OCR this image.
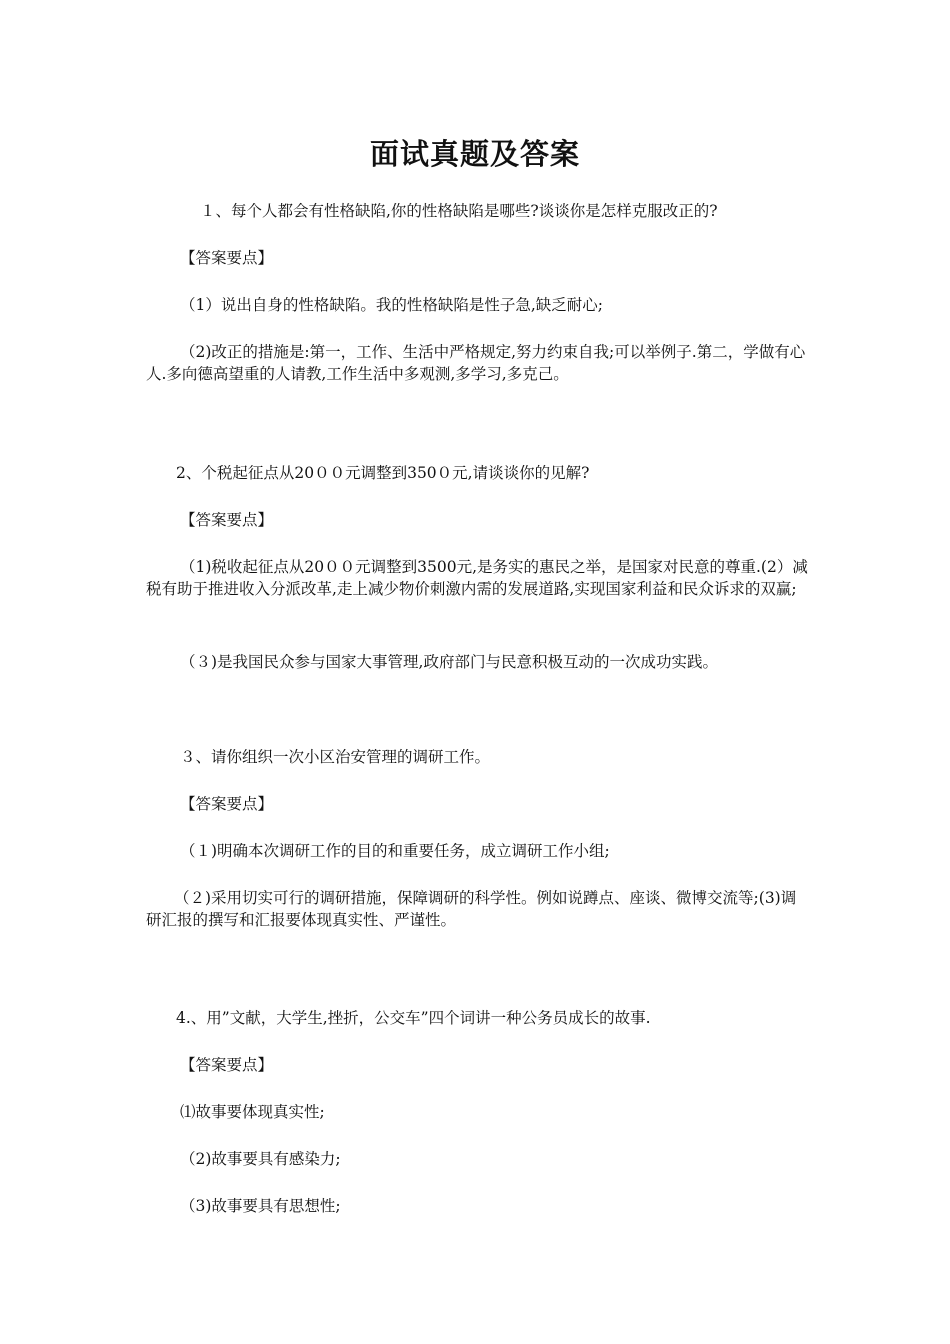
面试真题及答案
１、每个人都会有性格缺陷,你的性格缺陷是哪些?谈谈你是怎样克服改正的?
【答案要点】
（1）说出自身的性格缺陷。我的性格缺陷是性子急,缺乏耐心;
（2)改正的措施是:第一，工作、生活中严格规定,努力约束自我;可以举例子.第二，学做有心人.多向德高望重的人请教,工作生活中多观测,多学习,多克己。
2、个税起征点从20００元调整到350０元,请谈谈你的见解?
【答案要点】
（1)税收起征点从20００元调整到3500元,是务实的惠民之举，是国家对民意的尊重.(2）减税有助于推进收入分派改革,走上减少物价刺激内需的发展道路,实现国家利益和民众诉求的双赢;
（３)是我国民众参与国家大事管理,政府部门与民意积极互动的一次成功实践。
３、请你组织一次小区治安管理的调研工作。
【答案要点】
（１)明确本次调研工作的目的和重要任务，成立调研工作小组;
（２)采用切实可行的调研措施，保障调研的科学性。例如说蹲点、座谈、微博交流等;(3)调研汇报的撰写和汇报要体现真实性、严谨性。
4.、用”文献，大学生,挫折，公交车”四个词讲一种公务员成长的故事.
【答案要点】
⑴故事要体现真实性;
（2)故事要具有感染力;
（3)故事要具有思想性;
